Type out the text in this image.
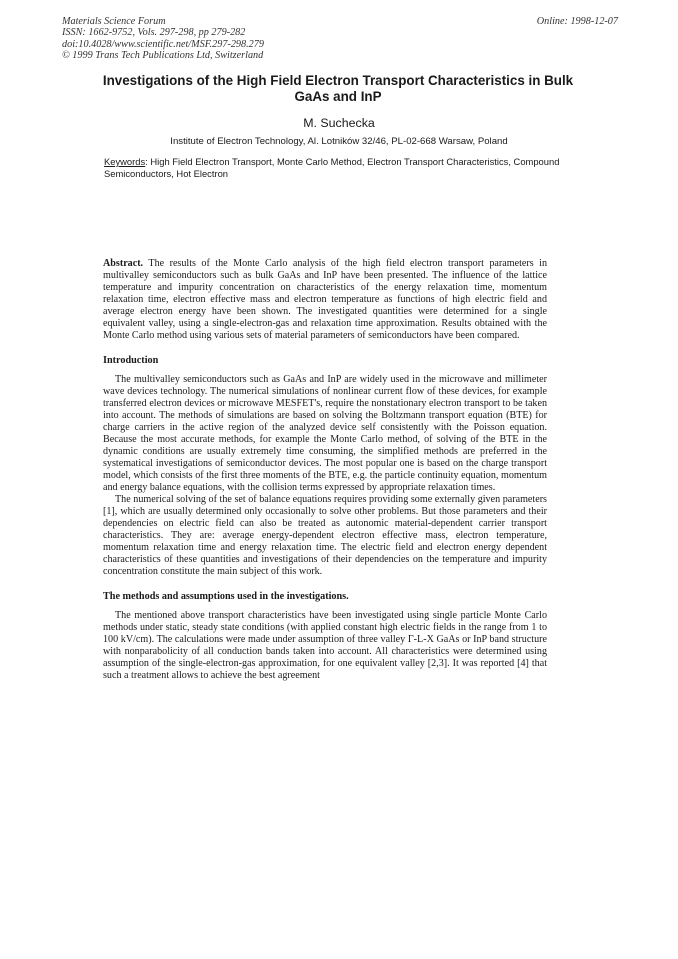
Materials Science Forum
ISSN: 1662-9752, Vols. 297-298, pp 279-282
doi:10.4028/www.scientific.net/MSF.297-298.279
© 1999 Trans Tech Publications Ltd, Switzerland
Online: 1998-12-07
Investigations of the High Field Electron Transport Characteristics in Bulk GaAs and InP
M. Suchecka
Institute of Electron Technology, Al. Lotników 32/46, PL-02-668 Warsaw, Poland
Keywords: High Field Electron Transport, Monte Carlo Method, Electron Transport Characteristics, Compound Semiconductors, Hot Electron

Abstract. The results of the Monte Carlo analysis of the high field electron transport parameters in multivalley semiconductors such as bulk GaAs and InP have been presented. The influence of the lattice temperature and impurity concentration on characteristics of the energy relaxation time, momentum relaxation time, electron effective mass and electron temperature as functions of high electric field and average electron energy have been shown. The investigated quantities were determined for a single equivalent valley, using a single-electron-gas and relaxation time approximation. Results obtained with the Monte Carlo method using various sets of material parameters of semiconductors have been compared.

Introduction

The multivalley semiconductors such as GaAs and InP are widely used in the microwave and millimeter wave devices technology. The numerical simulations of nonlinear current flow of these devices, for example transferred electron devices or microwave MESFET's, require the nonstationary electron transport to be taken into account. The methods of simulations are based on solving the Boltzmann transport equation (BTE) for charge carriers in the active region of the analyzed device self consistently with the Poisson equation. Because the most accurate methods, for example the Monte Carlo method, of solving of the BTE in the dynamic conditions are usually extremely time consuming, the simplified methods are preferred in the systematical investigations of semiconductor devices. The most popular one is based on the charge transport model, which consists of the first three moments of the BTE, e.g. the particle continuity equation, momentum and energy balance equations, with the collision terms expressed by appropriate relaxation times.

The numerical solving of the set of balance equations requires providing some externally given parameters [1], which are usually determined only occasionally to solve other problems. But those parameters and their dependencies on electric field can also be treated as autonomic material-dependent carrier transport characteristics. They are: average energy-dependent electron effective mass, electron temperature, momentum relaxation time and energy relaxation time. The electric field and electron energy dependent characteristics of these quantities and investigations of their dependencies on the temperature and impurity concentration constitute the main subject of this work.

The methods and assumptions used in the investigations.

The mentioned above transport characteristics have been investigated using single particle Monte Carlo methods under static, steady state conditions (with applied constant high electric fields in the range from 1 to 100 kV/cm). The calculations were made under assumption of three valley Γ-L-X GaAs or InP band structure with nonparabolicity of all conduction bands taken into account. All characteristics were determined using assumption of the single-electron-gas approximation, for one equivalent valley [2,3]. It was reported [4] that such a treatment allows to achieve the best agreement
